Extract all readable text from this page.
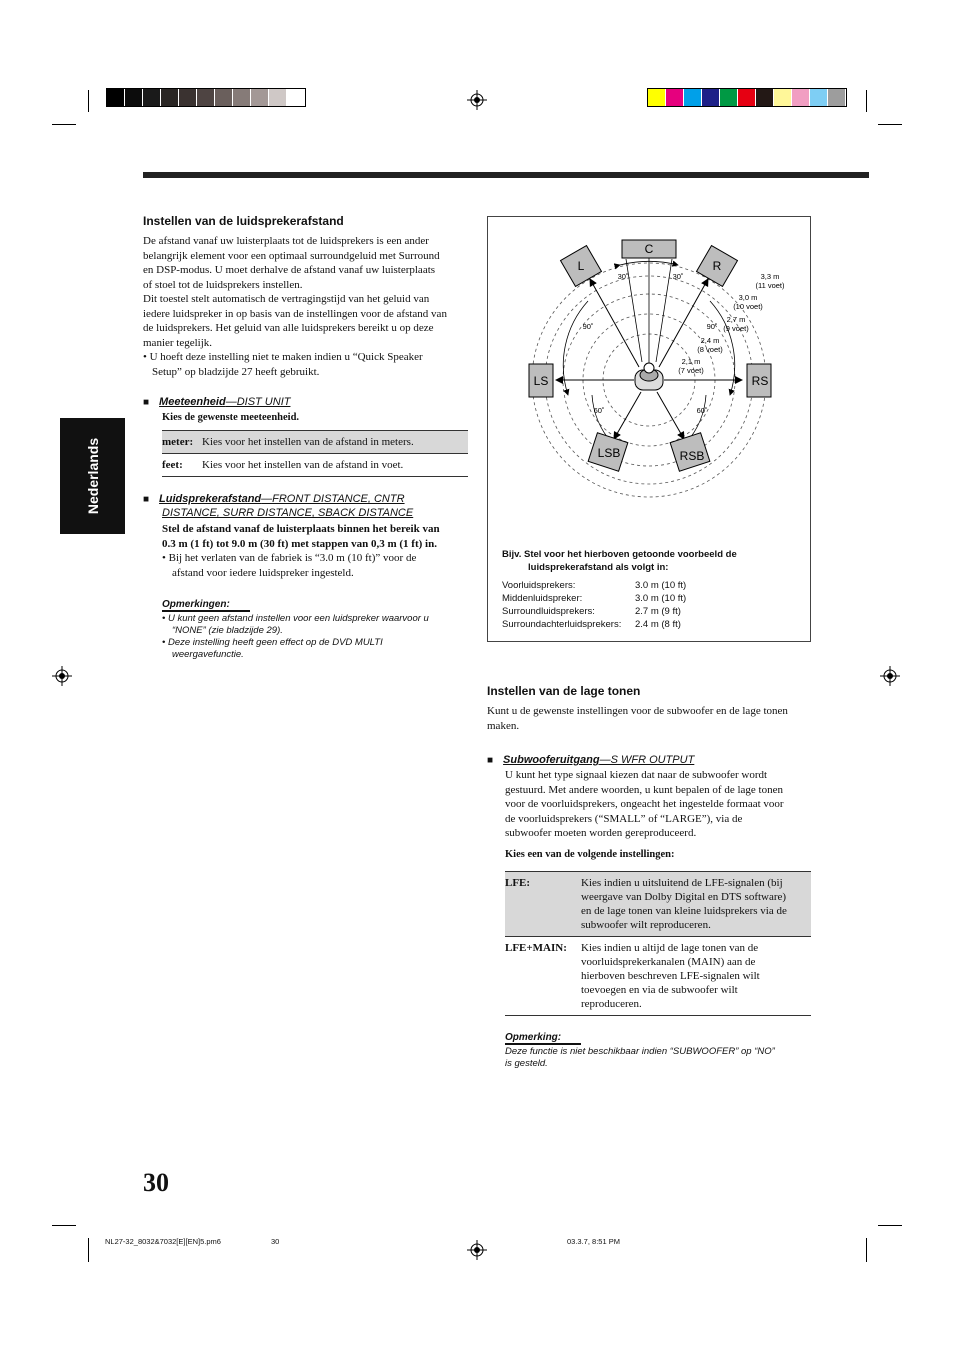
Nederlands
Instellen van de luidsprekerafstand

De afstand vanaf uw luisterplaats tot de luidsprekers is een ander

belangrijk element voor een optimaal surroundgeluid met Surround

en DSP-modus. U moet derhalve de afstand vanaf uw luisterplaats

of stoel tot de luidsprekers instellen.

Dit toestel stelt automatisch de vertragingstijd van het geluid van

iedere luidspreker in op basis van de instellingen voor de afstand van

de luidsprekers. Het geluid van alle luidsprekers bereikt u op deze

manier tegelijk.

• U hoeft deze instelling niet te maken indien u “Quick Speaker

Setup” op bladzijde 27 heeft gebruikt.

■ Meeteenheid—DIST UNIT
Kies de gewenste meeteenheid.
meter:	Kies voor het instellen van de afstand in meters.
feet:	Kies voor het instellen van de afstand in voet.
■ Luidsprekerafstand—FRONT DISTANCE, CNTR
DISTANCE, SURR DISTANCE, SBACK DISTANCE

Stel de afstand vanaf de luisterplaats binnen het bereik van

0.3 m (1 ft) tot 9.0 m (30 ft) met stappen van 0,3 m (1 ft) in.

• Bij het verlaten van de fabriek is “3.0 m (10 ft)” voor de

afstand voor iedere luidspreker ingesteld.

Opmerkingen:
• U kunt geen afstand instellen voor een luidspreker waarvoor u
“NONE” (zie bladzijde 29).
• Deze instelling heeft geen effect op de DVD MULTI
weergavefunctie.
30
C
L	R
LS	RS
LSB	RSB
30˚	30˚
90˚	90˚
60˚	60˚
3,3 m
(11 voet)
3,0 m
(10 voet)
2,7 m
(9 voet)
2,4 m
(8 voet)
2,1 m
(7 voet)
Bijv. Stel voor het hierboven getoonde voorbeeld de
luidsprekerafstand als volgt in:
Voorluidsprekers:	3.0 m (10 ft)
Middenluidspreker:	3.0 m (10 ft)
Surroundluidsprekers:	2.7 m (9 ft)
Surroundachterluidsprekers:	2.4 m (8 ft)
Instellen van de lage tonen

Kunt u de gewenste instellingen voor de subwoofer en de lage tonen

maken.

■ Subwooferuitgang—S WFR OUTPUT

U kunt het type signaal kiezen dat naar de subwoofer wordt

gestuurd. Met andere woorden, u kunt bepalen of de lage tonen

voor de voorluidsprekers, ongeacht het ingestelde formaat voor

de voorluidsprekers (“SMALL” of “LARGE”), via de

subwoofer moeten worden gereproduceerd.

Kies een van de volgende instellingen:
LFE:	Kies indien u uitsluitend de LFE-signalen (bij
weergave van Dolby Digital en DTS software)
en de lage tonen van kleine luidsprekers via de
subwoofer wilt reproduceren.

LFE+MAIN:	Kies indien u altijd de lage tonen van de
voorluidsprekerkanalen (MAIN) aan de
hierboven beschreven LFE-signalen wilt
toevoegen en via de subwoofer wilt
reproduceren.
Opmerking:
Deze functie is niet beschikbaar indien “SUBWOOFER” op “NO”
is gesteld.
NL27-32_8032&7032[E][EN]5.pm6	30	03.3.7, 8:51 PM
